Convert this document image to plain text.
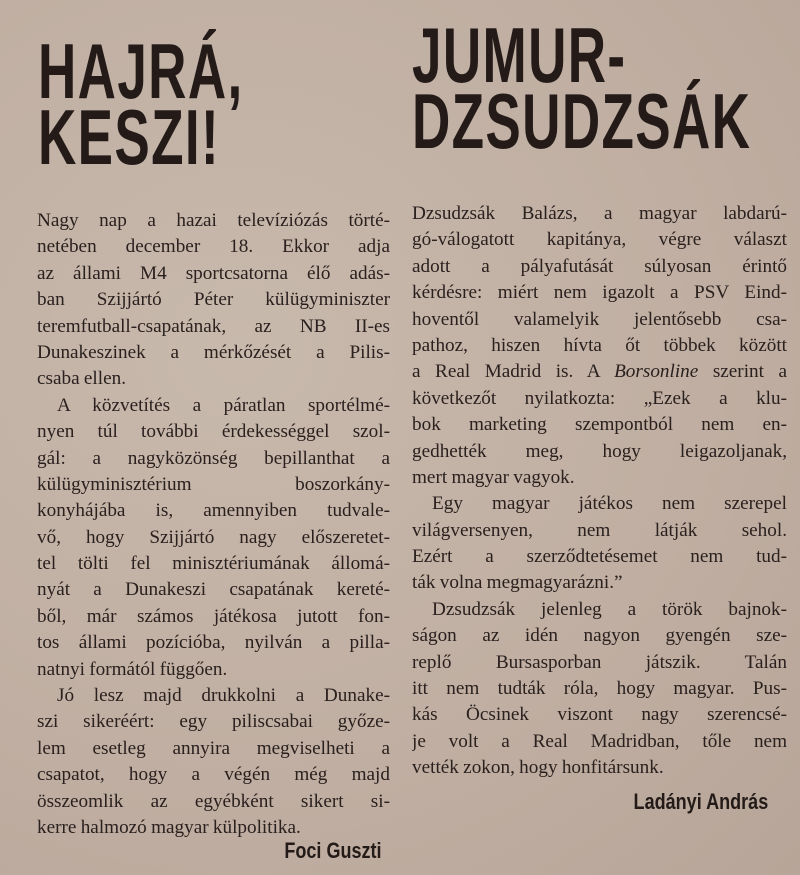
HAJRÁ,
KESZI!
JUMUR-
DZSUDZSÁK
Nagy nap a hazai televíziózás törté-
netében december 18. Ekkor adja
az állami M4 sportcsatorna élő adás-
ban Szijjártó Péter külügyminiszter
teremfutball-csapatának, az NB II-es
Dunakeszinek a mérkőzését a Pilis-
csaba ellen.
A közvetítés a páratlan sportélmé-
nyen túl további érdekességgel szol-
gál: a nagyközönség bepillanthat a
külügyminisztérium boszorkány-
konyhájába is, amennyiben tudvale-
vő, hogy Szijjártó nagy előszeretet-
tel tölti fel minisztériumának állomá-
nyát a Dunakeszi csapatának kereté-
ből, már számos játékosa jutott fon-
tos állami pozícióba, nyilván a pilla-
natnyi formától függően.
Jó lesz majd drukkolni a Dunake-
szi sikeréért: egy piliscsabai győze-
lem esetleg annyira megviselheti a
csapatot, hogy a végén még majd
összeomlik az egyébként sikert si-
kerre halmozó magyar külpolitika.
Dzsudzsák Balázs, a magyar labdarú-
gó-válogatott kapitánya, végre választ
adott a pályafutását súlyosan érintő
kérdésre: miért nem igazolt a PSV Eind-
hoventől valamelyik jelentősebb csa-
pathoz, hiszen hívta őt többek között
a Real Madrid is. A Borsonline szerint a
következőt nyilatkozta: „Ezek a klu-
bok marketing szempontból nem en-
gedhették meg, hogy leigazoljanak,
mert magyar vagyok.
Egy magyar játékos nem szerepel
világversenyen, nem látják sehol.
Ezért a szerződtetésemet nem tud-
ták volna megmagyarázni.”
Dzsudzsák jelenleg a török bajnok-
ságon az idén nagyon gyengén sze-
replő Bursasporban játszik. Talán
itt nem tudták róla, hogy magyar. Pus-
kás Öcsinek viszont nagy szerencsé-
je volt a Real Madridban, tőle nem
vették zokon, hogy honfitársunk.
Foci Guszti
Ladányi András
